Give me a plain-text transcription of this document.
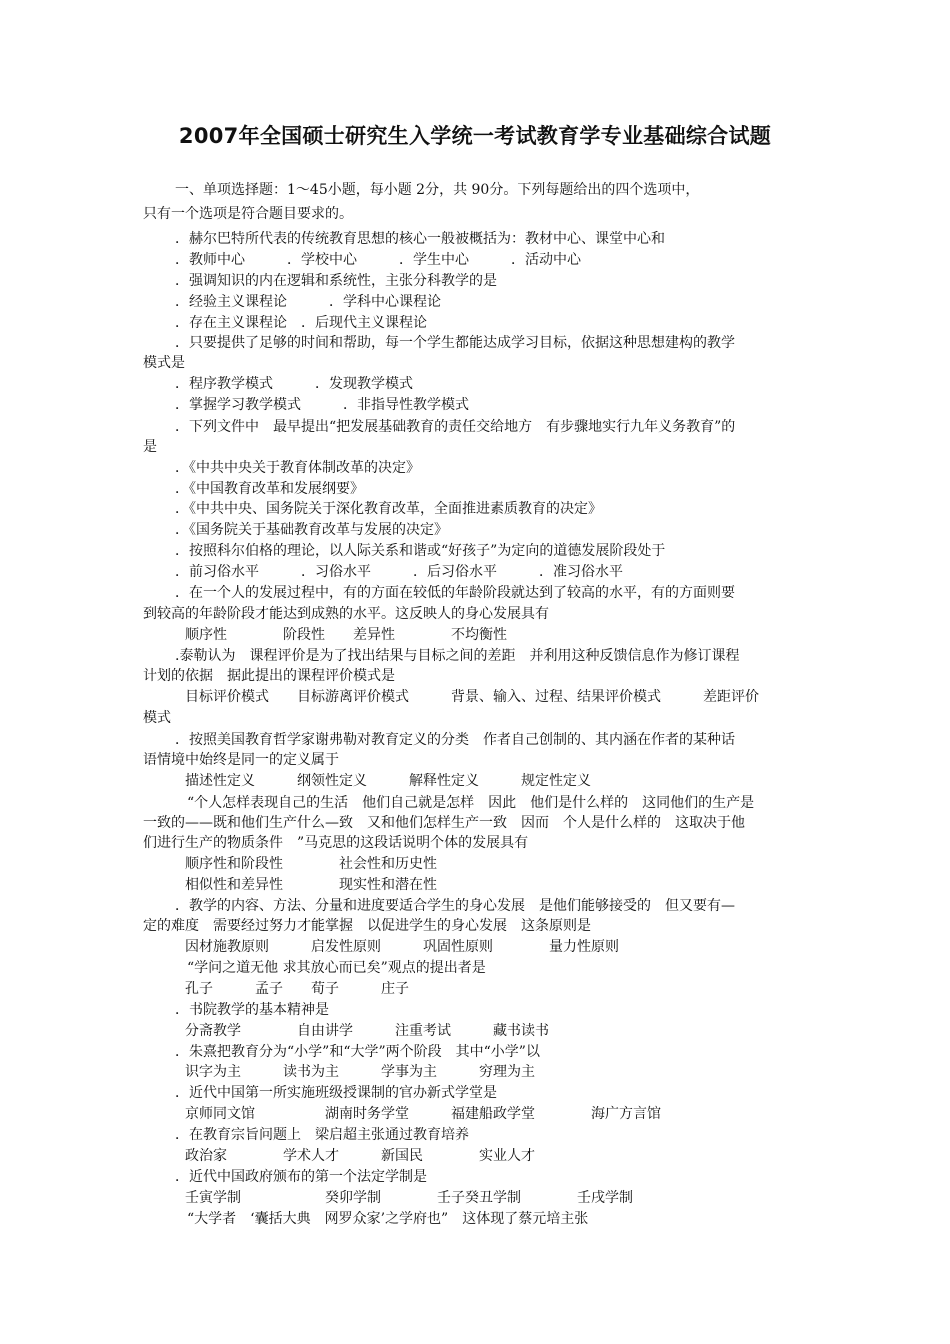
2007年全国硕士研究生入学统一考试教育学专业基础综合试题
一、单项选择题：1～45小题，每小题 2分，共 90分。下列每题给出的四个选项中，
只有一个选项是符合题目要求的。
．赫尔巴特所代表的传统教育思想的核心一般被概括为：教材中心、课堂中心和
．教师中心　　　．学校中心　　　．学生中心　　　．活动中心
．强调知识的内在逻辑和系统性，主张分科教学的是
．经验主义课程论　　　．学科中心课程论
．存在主义课程论　．后现代主义课程论
．只要提供了足够的时间和帮助，每一个学生都能达成学习目标，依据这种思想建构的教学
模式是
．程序教学模式　　　．发现教学模式
．掌握学习教学模式　　　．非指导性教学模式
．下列文件中　最早提出“把发展基础教育的责任交给地方　有步骤地实行九年义务教育”的
是
．《中共中央关于教育体制改革的决定》
．《中国教育改革和发展纲要》
．《中共中央、国务院关于深化教育改革，全面推进素质教育的决定》
．《国务院关于基础教育改革与发展的决定》
．按照科尔伯格的理论，以人际关系和谐或“好孩子”为定向的道德发展阶段处于
．前习俗水平　　　．习俗水平　　　．后习俗水平　　　．准习俗水平
．在一个人的发展过程中，有的方面在较低的年龄阶段就达到了较高的水平，有的方面则要
到较高的年龄阶段才能达到成熟的水平。这反映人的身心发展具有
顺序性　　　　阶段性　　差异性　　　　不均衡性
.泰勒认为　课程评价是为了找出结果与目标之间的差距　并利用这种反馈信息作为修订课程
计划的依据　据此提出的课程评价模式是
目标评价模式　　目标游离评价模式　　　背景、输入、过程、结果评价模式　　　差距评价
模式
．按照美国教育哲学家谢弗勒对教育定义的分类　作者自己创制的、其内涵在作者的某种话
语情境中始终是同一的定义属于
描述性定义　　　纲领性定义　　　解释性定义　　　规定性定义
“个人怎样表现自己的生活　他们自己就是怎样　因此　他们是什么样的　这同他们的生产是
一致的——既和他们生产什么—致　又和他们怎样生产一致　因而　个人是什么样的　这取决于他
们进行生产的物质条件　”马克思的这段话说明个体的发展具有
顺序性和阶段性　　　　社会性和历史性
相似性和差异性　　　　现实性和潜在性
．教学的内容、方法、分量和进度要适合学生的身心发展　是他们能够接受的　但又要有—
定的难度　需要经过努力才能掌握　以促进学生的身心发展　这条原则是
因材施教原则　　　启发性原则　　　巩固性原则　　　　量力性原则
“学问之道无他 求其放心而已矣”观点的提出者是
孔子　　　孟子　　荀子　　　庄子
．书院教学的基本精神是
分斋教学　　　　自由讲学　　　注重考试　　　藏书读书
．朱熹把教育分为“小学”和“大学”两个阶段　其中“小学”以
识字为主　　　读书为主　　　学事为主　　　穷理为主
．近代中国第一所实施班级授课制的官办新式学堂是
京师同文馆　　　　　湖南时务学堂　　　福建船政学堂　　　　海广方言馆
．在教育宗旨问题上　梁启超主张通过教育培养
政治家　　　　学术人才　　　新国民　　　　实业人才
．近代中国政府颁布的第一个法定学制是
壬寅学制　　　　　　癸卯学制　　　　壬子癸丑学制　　　　壬戌学制
“大学者　‘囊括大典　网罗众家’之学府也”　这体现了蔡元培主张
